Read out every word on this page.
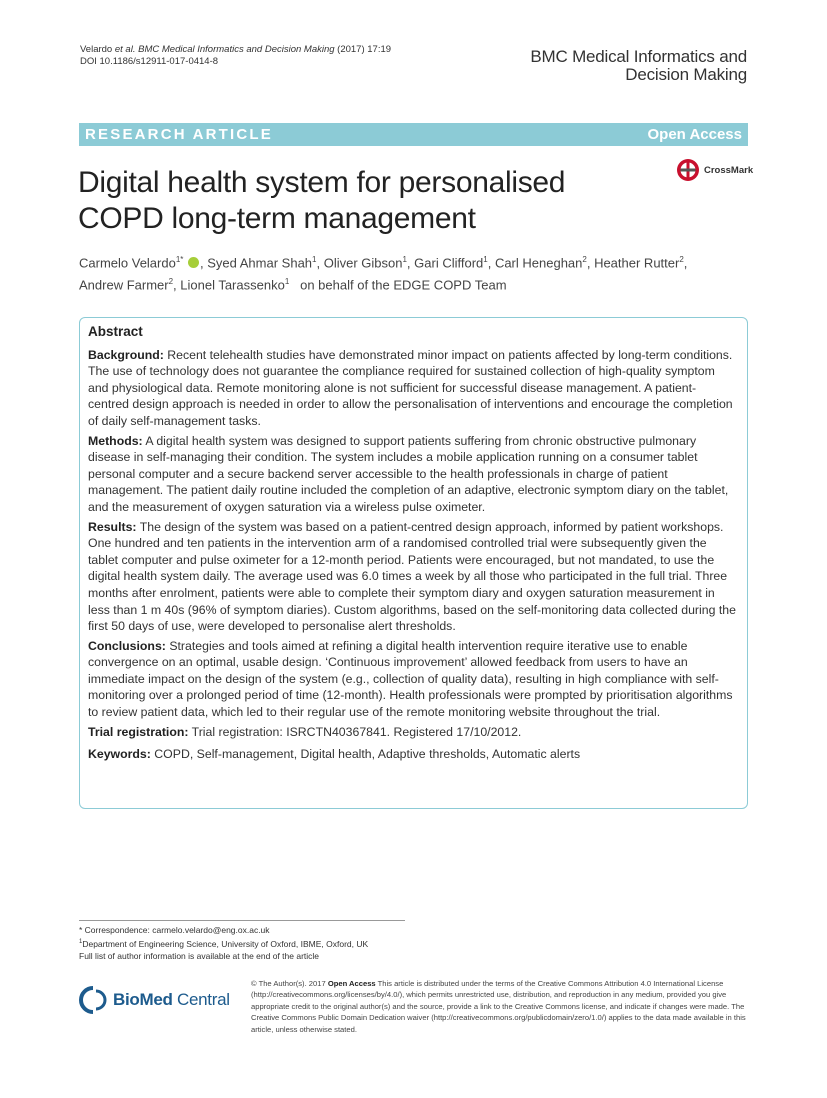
Velardo et al. BMC Medical Informatics and Decision Making (2017) 17:19
DOI 10.1186/s12911-017-0414-8	BMC Medical Informatics and
Decision Making
RESEARCH ARTICLE	Open Access
CrossMark
Digital health system for personalised
COPD long-term management
Carmelo Velardo$^{1*}$ , Syed Ahmar Shah$^1$, Oliver Gibson$^1$, Gari Clifford$^1$, Carl Heneghan$^2$, Heather Rutter$^2$,
Andrew Farmer$^2$, Lionel Tarassenko$^1$ on behalf of the EDGE COPD Team
Abstract

Background: Recent telehealth studies have demonstrated minor impact on patients affected by long-term conditions. The use of technology does not guarantee the compliance required for sustained collection of high-quality symptom and physiological data. Remote monitoring alone is not sufficient for successful disease management. A patient-centred design approach is needed in order to allow the personalisation of interventions and encourage the completion of daily self-management tasks.

Methods: A digital health system was designed to support patients suffering from chronic obstructive pulmonary disease in self-managing their condition. The system includes a mobile application running on a consumer tablet personal computer and a secure backend server accessible to the health professionals in charge of patient management. The patient daily routine included the completion of an adaptive, electronic symptom diary on the tablet, and the measurement of oxygen saturation via a wireless pulse oximeter.

Results: The design of the system was based on a patient-centred design approach, informed by patient workshops. One hundred and ten patients in the intervention arm of a randomised controlled trial were subsequently given the tablet computer and pulse oximeter for a 12-month period. Patients were encouraged, but not mandated, to use the digital health system daily. The average used was 6.0 times a week by all those who participated in the full trial. Three months after enrolment, patients were able to complete their symptom diary and oxygen saturation measurement in less than 1 m 40s (96% of symptom diaries). Custom algorithms, based on the self-monitoring data collected during the first 50 days of use, were developed to personalise alert thresholds.

Conclusions: Strategies and tools aimed at refining a digital health intervention require iterative use to enable convergence on an optimal, usable design. ‘Continuous improvement’ allowed feedback from users to have an immediate impact on the design of the system (e.g., collection of quality data), resulting in high compliance with self-monitoring over a prolonged period of time (12-month). Health professionals were prompted by prioritisation algorithms to review patient data, which led to their regular use of the remote monitoring website throughout the trial.

Trial registration: Trial registration: ISRCTN40367841. Registered 17/10/2012.

Keywords: COPD, Self-management, Digital health, Adaptive thresholds, Automatic alerts

* Correspondence: carmelo.velardo@eng.ox.ac.uk
$^1$Department of Engineering Science, University of Oxford, IBME, Oxford, UK
Full list of author information is available at the end of the article
BioMed Central
© The Author(s). 2017 Open Access This article is distributed under the terms of the Creative Commons Attribution 4.0 International License (http://creativecommons.org/licenses/by/4.0/), which permits unrestricted use, distribution, and reproduction in any medium, provided you give appropriate credit to the original author(s) and the source, provide a link to the Creative Commons license, and indicate if changes were made. The Creative Commons Public Domain Dedication waiver (http://creativecommons.org/publicdomain/zero/1.0/) applies to the data made available in this article, unless otherwise stated.
